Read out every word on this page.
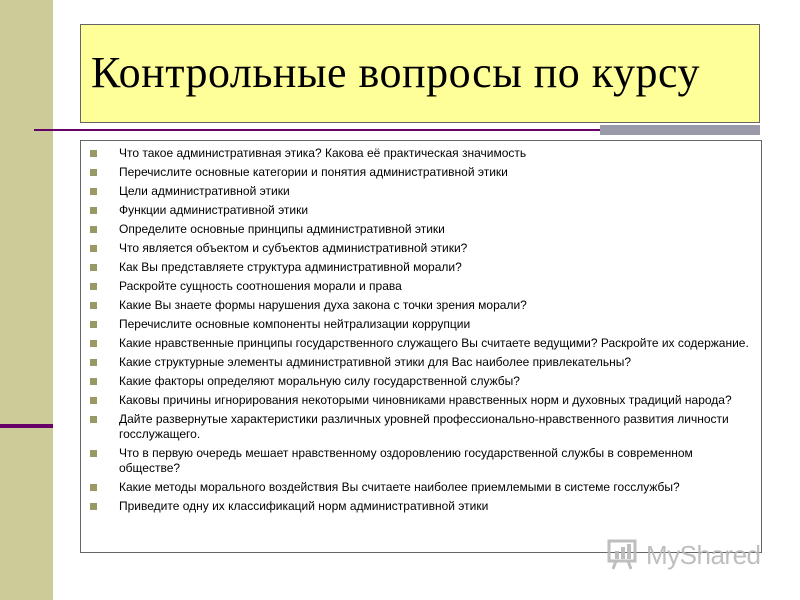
Контрольные вопросы по курсу
Что такое административная этика? Какова её практическая значимость
Перечислите основные категории и понятия административной этики
Цели административной этики
Функции административной этики
Определите основные принципы административной этики
Что является объектом и субъектов административной этики?
Как Вы представляете структура административной морали?
Раскройте сущность соотношения морали и права
Какие Вы знаете формы нарушения духа закона с точки зрения морали?
Перечислите основные компоненты нейтрализации коррупции
Какие нравственные принципы государственного служащего Вы считаете ведущими? Раскройте их содержание.
Какие структурные элементы административной этики для Вас наиболее привлекательны?
Какие факторы определяют моральную силу государственной службы?
Каковы причины игнорирования некоторыми чиновниками нравственных норм и духовных традиций народа?
Дайте развернутые характеристики различных уровней профессионально-нравственного развития личности госслужащего.
Что в первую очередь мешает нравственному оздоровлению государственной службы в современном обществе?
Какие методы морального воздействия Вы считаете наиболее приемлемыми в системе госслужбы?
Приведите одну их классификаций норм административной этики
MyShared
